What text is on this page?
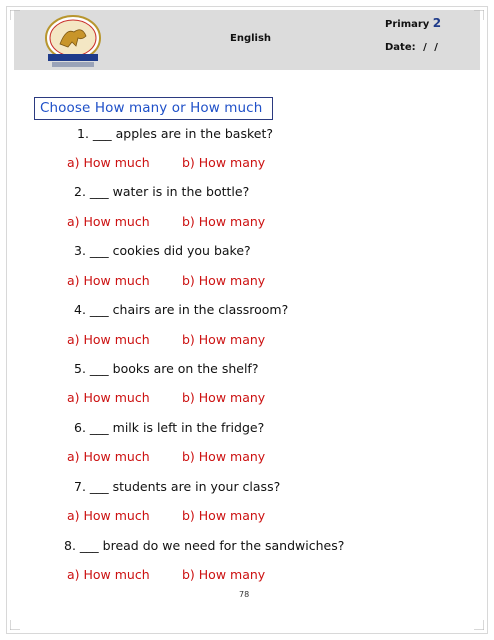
English
Primary 2
Date: / /
Choose How many or How much
1. ___ apples are in the basket?
a) How much	b) How many
2. ___ water is in the bottle?
a) How much	b) How many
3. ___ cookies did you bake?
a) How much	b) How many
4. ___ chairs are in the classroom?
a) How much	b) How many
5. ___ books are on the shelf?
a) How much	b) How many
6. ___ milk is left in the fridge?
a) How much	b) How many
7. ___ students are in your class?
a) How much	b) How many
8. ___ bread do we need for the sandwiches?
a) How much	b) How many
78
